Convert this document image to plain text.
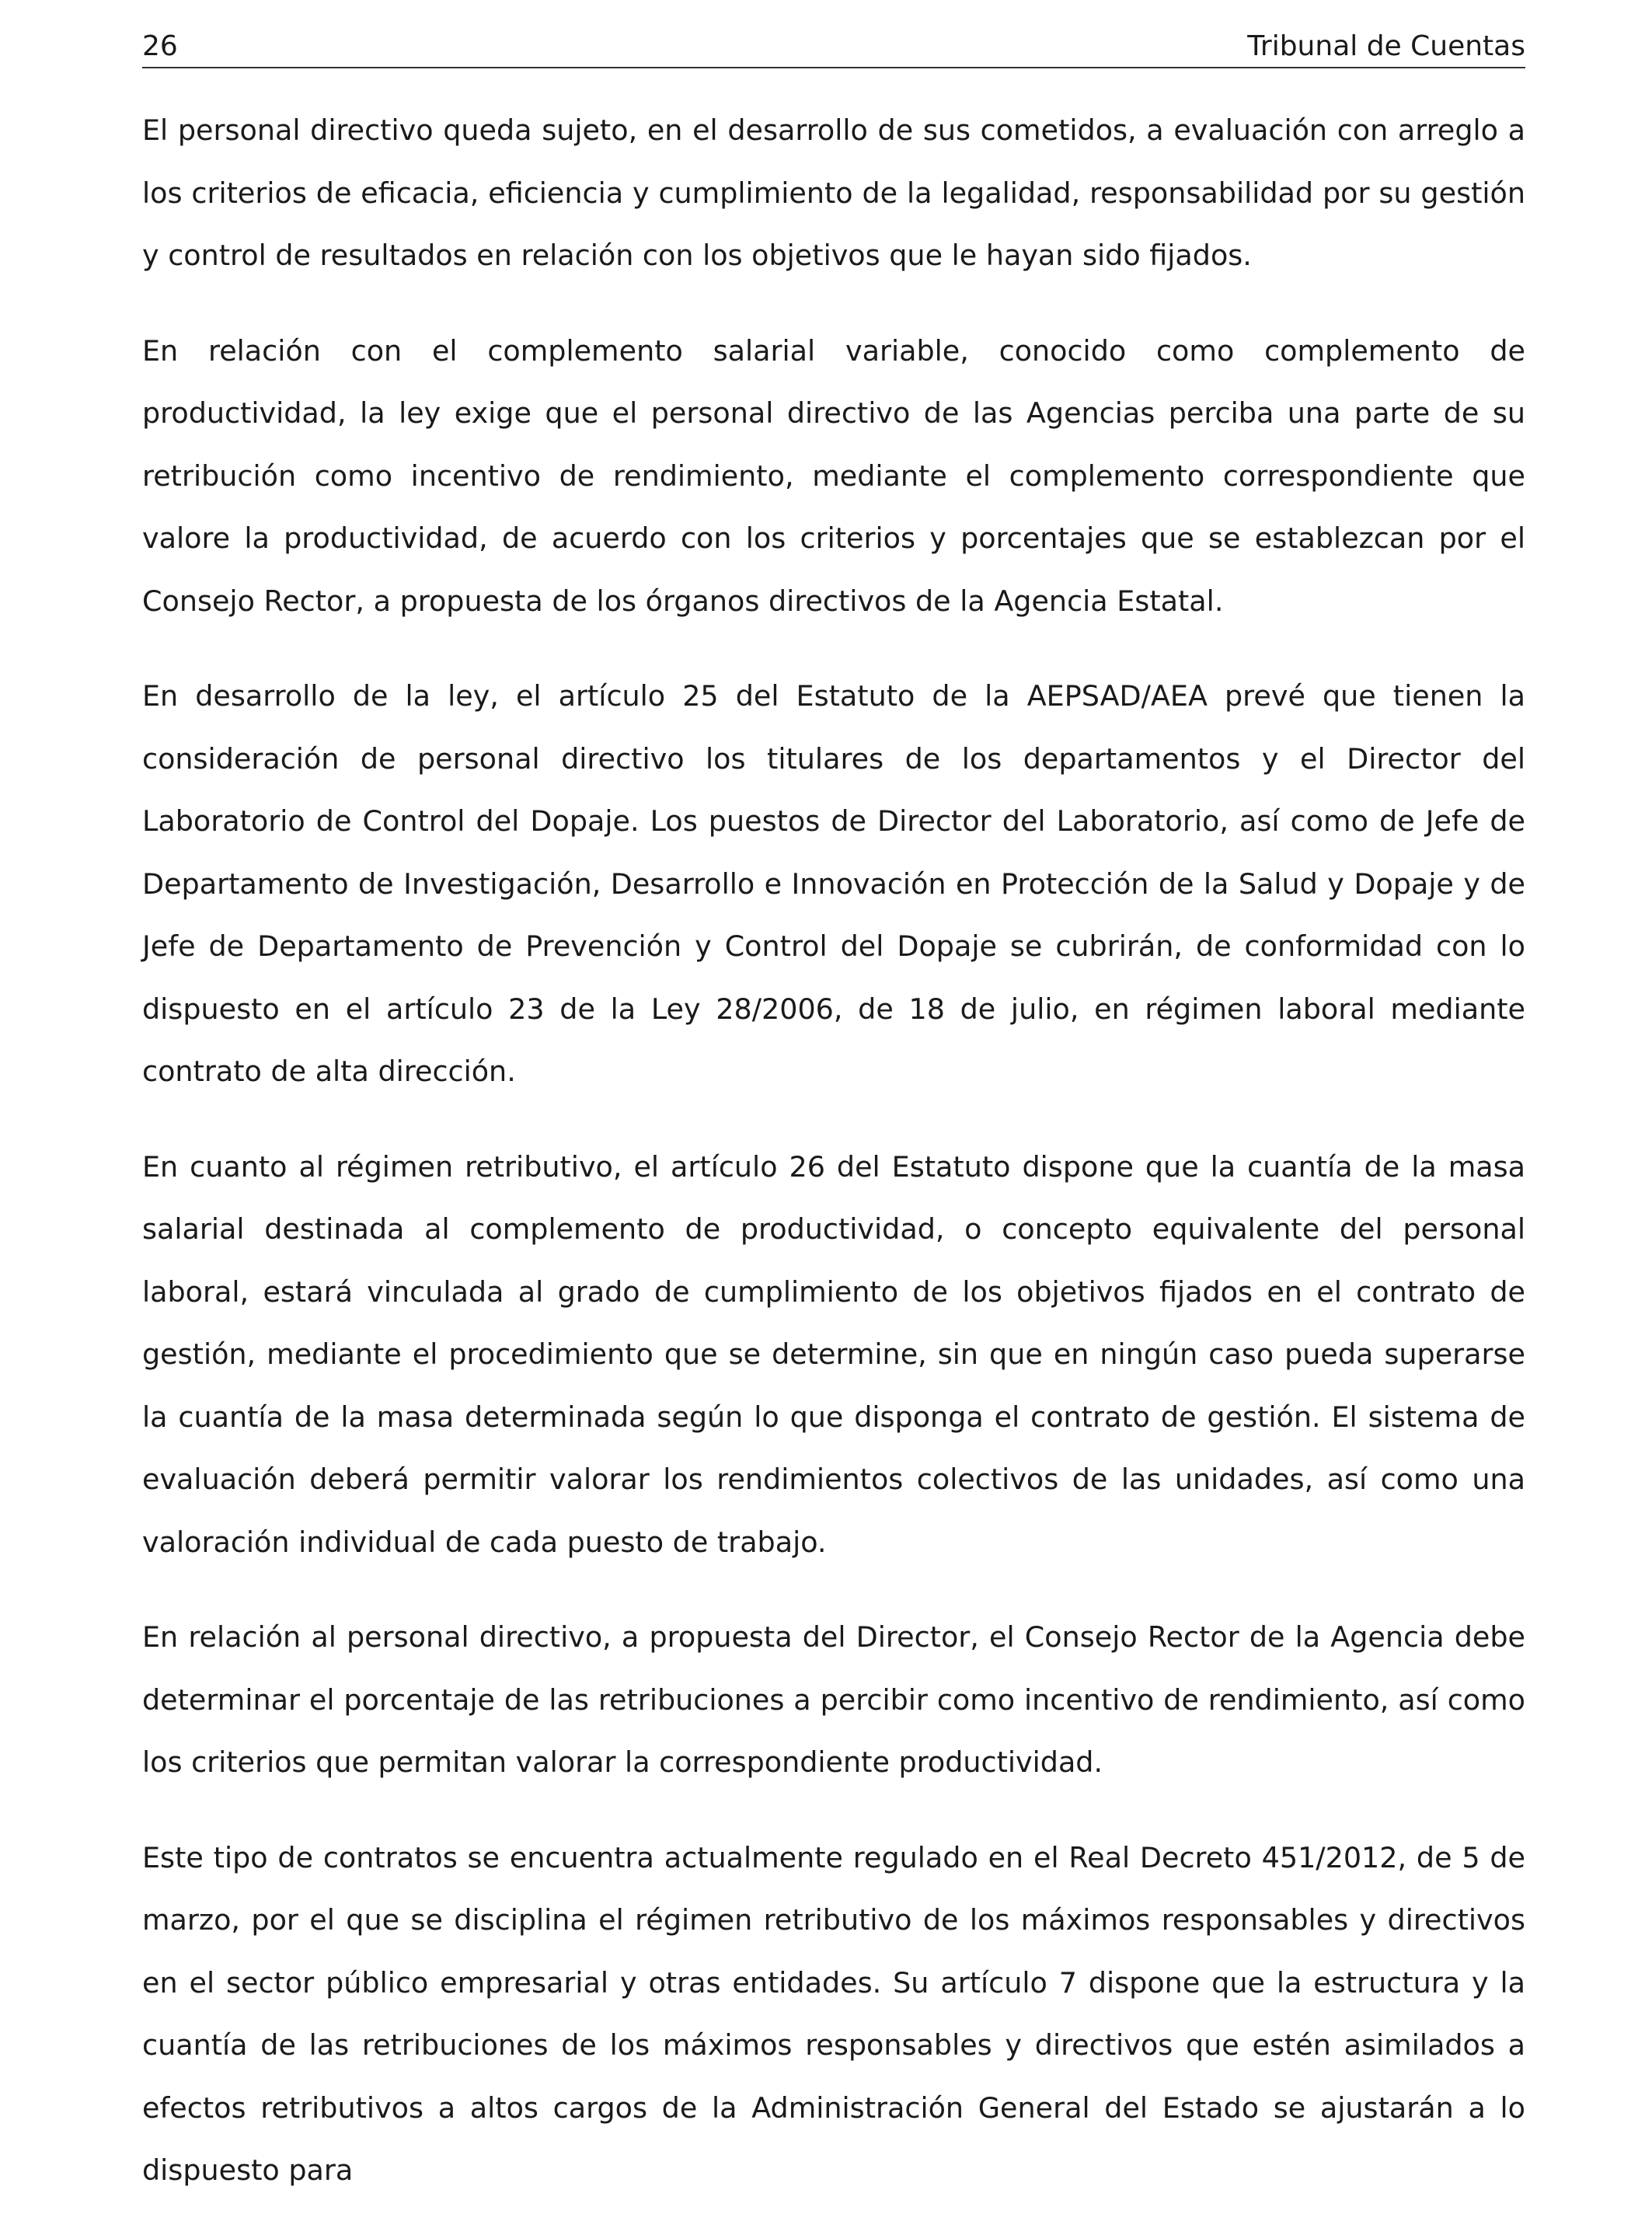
26	Tribunal de Cuentas

El personal directivo queda sujeto, en el desarrollo de sus cometidos, a evaluación con arreglo a los criterios de eficacia, eficiencia y cumplimiento de la legalidad, responsabilidad por su gestión y control de resultados en relación con los objetivos que le hayan sido fijados.

En relación con el complemento salarial variable, conocido como complemento de productividad, la ley exige que el personal directivo de las Agencias perciba una parte de su retribución como incentivo de rendimiento, mediante el complemento correspondiente que valore la productividad, de acuerdo con los criterios y porcentajes que se establezcan por el Consejo Rector, a propuesta de los órganos directivos de la Agencia Estatal.

En desarrollo de la ley, el artículo 25 del Estatuto de la AEPSAD/AEA prevé que tienen la consideración de personal directivo los titulares de los departamentos y el Director del Laboratorio de Control del Dopaje. Los puestos de Director del Laboratorio, así como de Jefe de Departamento de Investigación, Desarrollo e Innovación en Protección de la Salud y Dopaje y de Jefe de Departamento de Prevención y Control del Dopaje se cubrirán, de conformidad con lo dispuesto en el artículo 23 de la Ley 28/2006, de 18 de julio, en régimen laboral mediante contrato de alta dirección.

En cuanto al régimen retributivo, el artículo 26 del Estatuto dispone que la cuantía de la masa salarial destinada al complemento de productividad, o concepto equivalente del personal laboral, estará vinculada al grado de cumplimiento de los objetivos fijados en el contrato de gestión, mediante el procedimiento que se determine, sin que en ningún caso pueda superarse la cuantía de la masa determinada según lo que disponga el contrato de gestión. El sistema de evaluación deberá permitir valorar los rendimientos colectivos de las unidades, así como una valoración individual de cada puesto de trabajo.

En relación al personal directivo, a propuesta del Director, el Consejo Rector de la Agencia debe determinar el porcentaje de las retribuciones a percibir como incentivo de rendimiento, así como los criterios que permitan valorar la correspondiente productividad.

Este tipo de contratos se encuentra actualmente regulado en el Real Decreto 451/2012, de 5 de marzo, por el que se disciplina el régimen retributivo de los máximos responsables y directivos en el sector público empresarial y otras entidades. Su artículo 7 dispone que la estructura y la cuantía de las retribuciones de los máximos responsables y directivos que estén asimilados a efectos retributivos a altos cargos de la Administración General del Estado se ajustarán a lo dispuesto para
